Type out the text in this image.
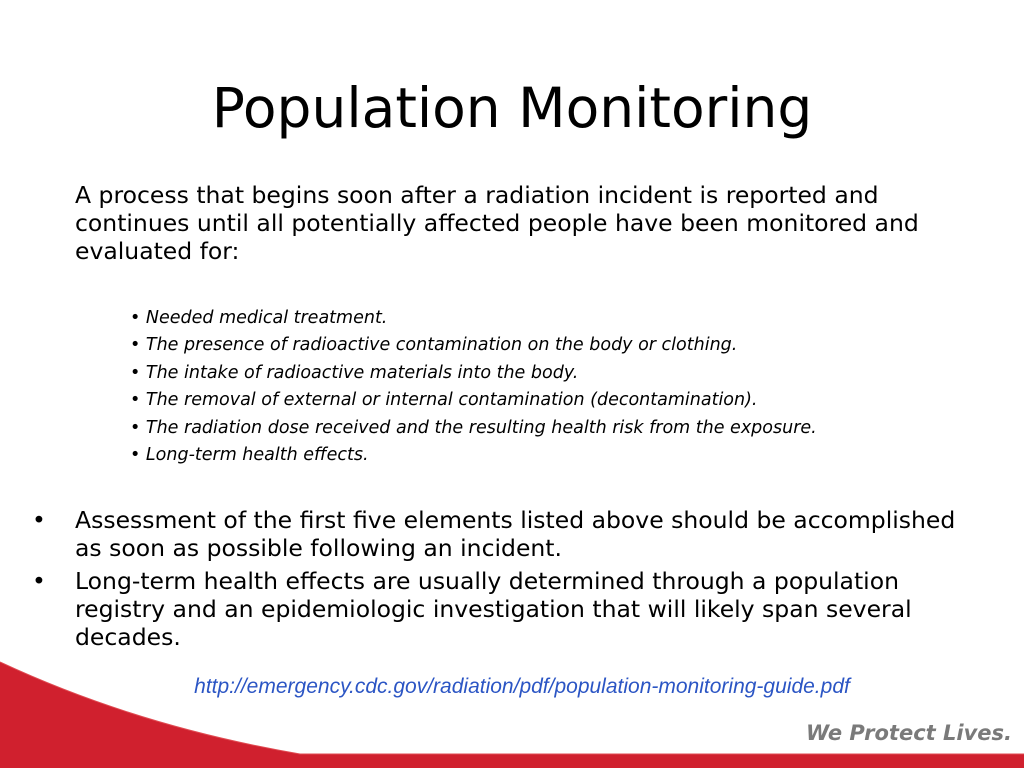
Population Monitoring

A process that begins soon after a radiation incident is reported and continues until all potentially affected people have been monitored and evaluated for:

• Needed medical treatment.
• The presence of radioactive contamination on the body or clothing.
• The intake of radioactive materials into the body.
• The removal of external or internal contamination (decontamination).
• The radiation dose received and the resulting health risk from the exposure.
• Long-term health effects.
•	Assessment of the first five elements listed above should be accomplished as soon as possible following an incident.
•	Long-term health effects are usually determined through a population registry and an epidemiologic investigation that will likely span several decades.
http://emergency.cdc.gov/radiation/pdf/population-monitoring-guide.pdf
We Protect Lives.
